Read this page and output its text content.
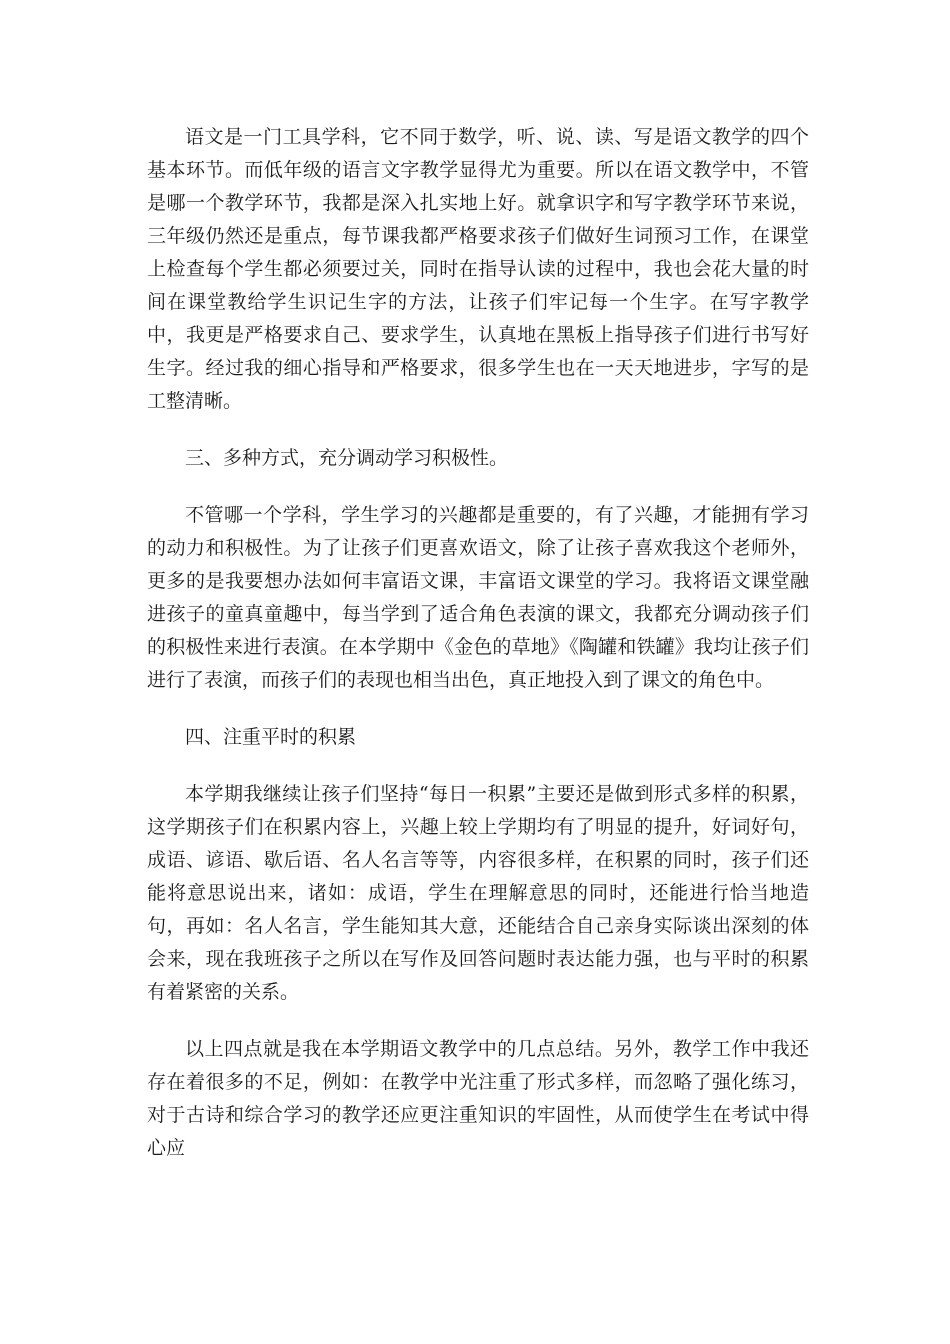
语文是一门工具学科，它不同于数学，听、说、读、写是语文教学的四个基本环节。而低年级的语言文字教学显得尤为重要。所以在语文教学中，不管是哪一个教学环节，我都是深入扎实地上好。就拿识字和写字教学环节来说，三年级仍然还是重点，每节课我都严格要求孩子们做好生词预习工作，在课堂上检查每个学生都必须要过关，同时在指导认读的过程中，我也会花大量的时间在课堂教给学生识记生字的方法，让孩子们牢记每一个生字。在写字教学中，我更是严格要求自己、要求学生，认真地在黑板上指导孩子们进行书写好生字。经过我的细心指导和严格要求，很多学生也在一天天地进步，字写的是工整清晰。

三、多种方式，充分调动学习积极性。

不管哪一个学科，学生学习的兴趣都是重要的，有了兴趣，才能拥有学习的动力和积极性。为了让孩子们更喜欢语文，除了让孩子喜欢我这个老师外，更多的是我要想办法如何丰富语文课，丰富语文课堂的学习。我将语文课堂融进孩子的童真童趣中，每当学到了适合角色表演的课文，我都充分调动孩子们的积极性来进行表演。在本学期中《金色的草地》《陶罐和铁罐》我均让孩子们进行了表演，而孩子们的表现也相当出色，真正地投入到了课文的角色中。

四、注重平时的积累

本学期我继续让孩子们坚持“每日一积累”主要还是做到形式多样的积累，这学期孩子们在积累内容上，兴趣上较上学期均有了明显的提升，好词好句，成语、谚语、歇后语、名人名言等等，内容很多样，在积累的同时，孩子们还能将意思说出来，诸如：成语，学生在理解意思的同时，还能进行恰当地造句，再如：名人名言，学生能知其大意，还能结合自己亲身实际谈出深刻的体会来，现在我班孩子之所以在写作及回答问题时表达能力强，也与平时的积累有着紧密的关系。

以上四点就是我在本学期语文教学中的几点总结。另外，教学工作中我还存在着很多的不足，例如：在教学中光注重了形式多样，而忽略了强化练习，对于古诗和综合学习的教学还应更注重知识的牢固性，从而使学生在考试中得心应
